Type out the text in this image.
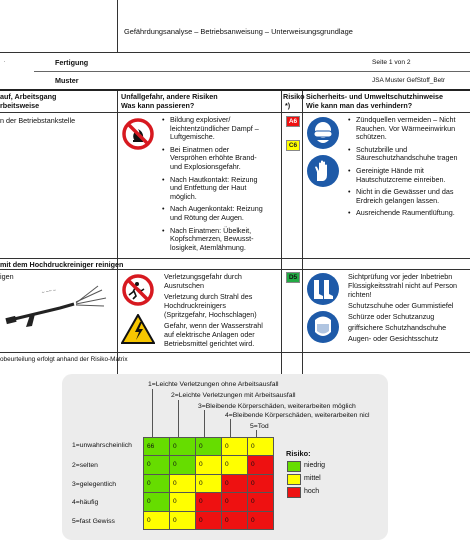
Gefährdungsanalyse – Betriebsanweisung – Unterweisungsgrundlage
.	Fertigung	Seite 1 von 2
Muster	JSA Muster GefStoff_Betr
auf, Arbeitsgang
rbeitsweise
Unfallgefahr, andere Risiken
Was kann passieren?
Risiko
*)
Sicherheits- und Umweltschutzhinweise
Wie kann man das verhindern?
n der Betriebstankstelle
•	Bildung explosiver/
leichtentzündlicher Dampf –
Luftgemische.
• Bei Einatmen oder
Verspröhen erhöhte Brand-
und Explosionsgefahr.
• Nach Hautkontakt: Reizung
und Entfettung der Haut
möglich.
• Nach Augenkontakt: Reizung
und Rötung der Augen.
• Nach Einatmen: Übelkeit,
Kopfschmerzen, Bewusst-
losigkeit, Atemlähmung.
A6
C6
• Zündquellen vermeiden – Nicht
Rauchen. Vor Wärmeeinwirkun
schützen.
• Schutzbrille und
Säureschutzhandschuhe tragen
• Gereinigte Hände mit
Hautschutzcreme einreiben.
• Nicht in die Gewässer und das
Erdreich gelangen lassen.
• Ausreichende Raumentlüftung.
mit dem Hochdruckreiniger reinigen
igen
~ ~~ ~
Verletzungsgefahr durch
Ausrutschen
Verletzung durch Strahl des
Hochdruckreinigers
(Spritzgefahr, Hochschlagen)
Gefahr, wenn der Wasserstrahl
auf elektrische Anlagen oder
Betriebsmittel gerichtet wird.
D5	Sichtprüfung vor jeder Inbetriebn
Flüssigkeitsstrahl nicht auf Person
richten!
Schutzschuhe oder Gummistiefel
Schürze oder Schutzanzug
griffsichere Schutzhandschuhe
Augen- oder Gesichtsschutz
obeurteilung erfolgt anhand der Risiko-Matrix
1=Leichte Verletzungen ohne Arbeitsausfall
2=Leichte Verletzungen mit Arbeitsausfall
3=Bleibende Körperschäden, weiterarbeiten möglich
4=Bleibende Körperschäden, weiterarbeiten nicl
5=Tod
1=unwahrscheinlich
2=selten
3=gelegentlich
4=häufig
5=fast Gewiss
66	0	0	0	0
0	0	0	0	0
0	0	0	0	0
0	0	0	0	0
0	0	0	0	0
Risiko:
niedrig
mittel
hoch
